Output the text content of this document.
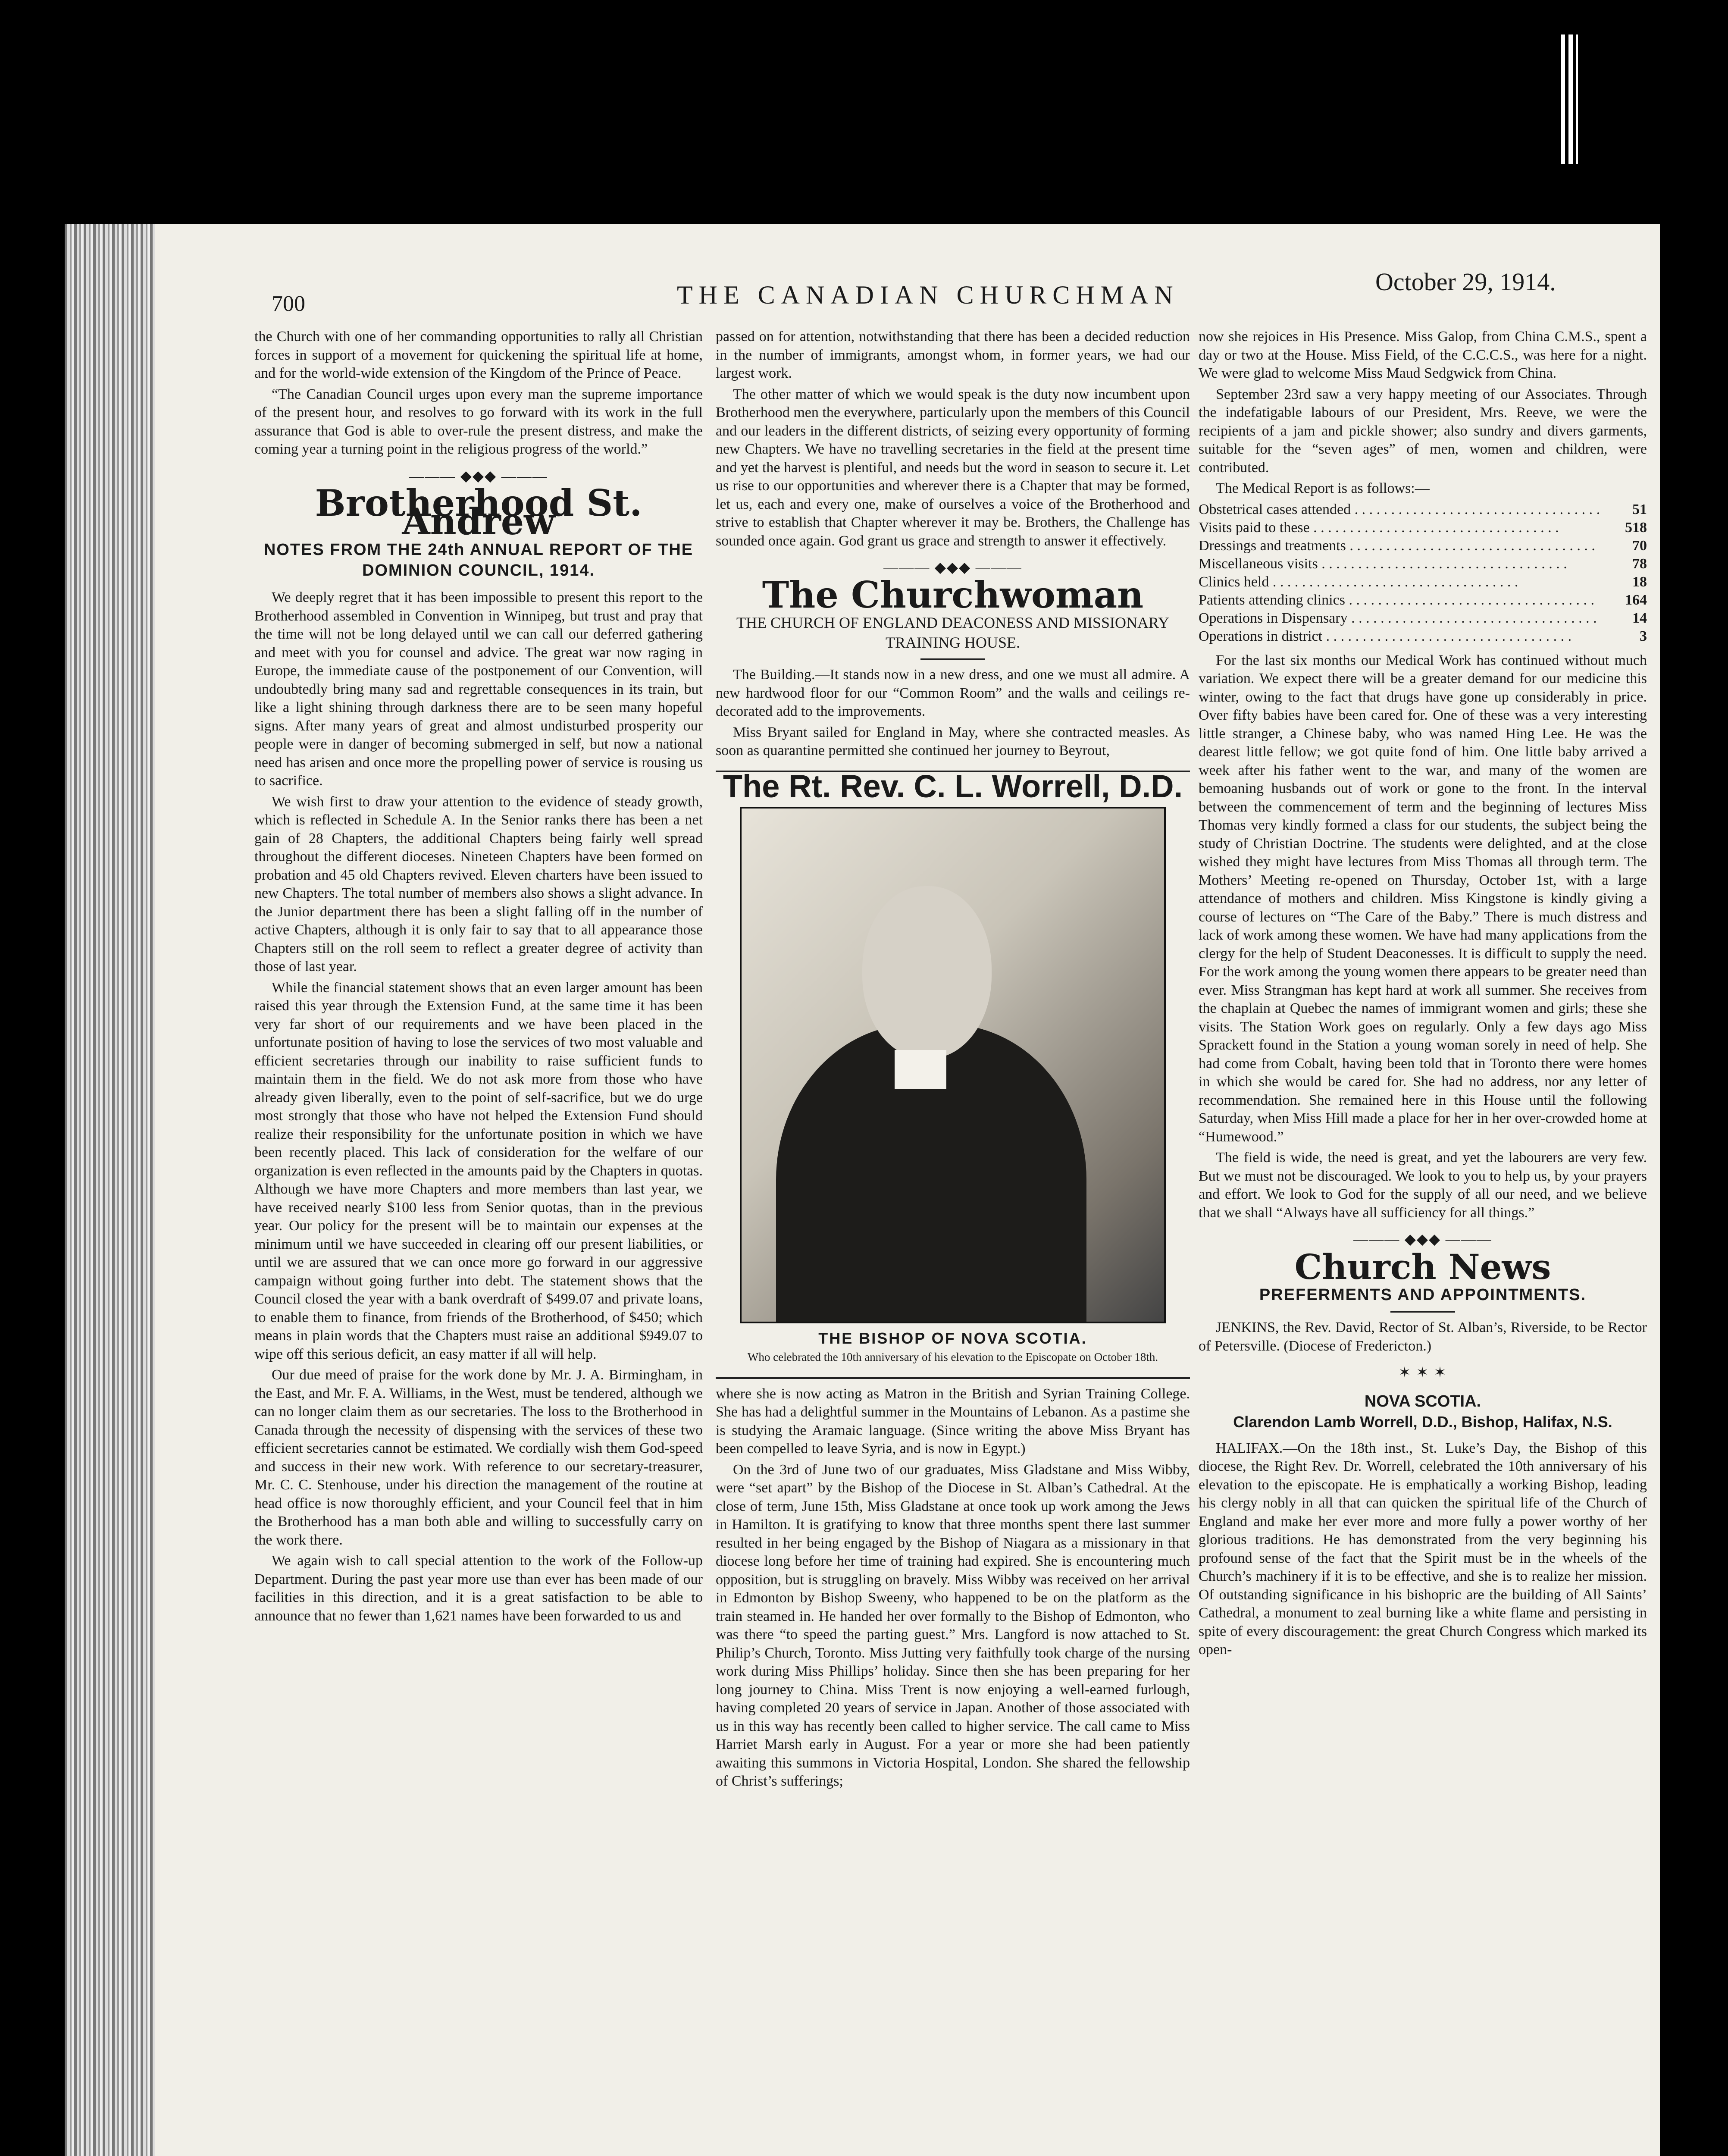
700	THE CANADIAN CHURCHMAN	October 29, 1914.

the Church with one of her commanding opportunities to rally all Christian forces in support of a movement for quickening the spiritual life at home, and for the world-wide extension of the Kingdom of the Prince of Peace.

“The Canadian Council urges upon every man the supreme importance of the present hour, and resolves to go forward with its work in the full assurance that God is able to over-rule the present distress, and make the coming year a turning point in the religious progress of the world.”

——— ◆◆◆ ———
Brotherhood St. Andrew
NOTES FROM THE 24th ANNUAL REPORT OF THE DOMINION COUNCIL, 1914.

We deeply regret that it has been impossible to present this report to the Brotherhood assembled in Convention in Winnipeg, but trust and pray that the time will not be long delayed until we can call our deferred gathering and meet with you for counsel and advice. The great war now raging in Europe, the immediate cause of the postponement of our Convention, will undoubtedly bring many sad and regrettable consequences in its train, but like a light shining through darkness there are to be seen many hopeful signs. After many years of great and almost undisturbed prosperity our people were in danger of becoming submerged in self, but now a national need has arisen and once more the propelling power of service is rousing us to sacrifice.

We wish first to draw your attention to the evidence of steady growth, which is reflected in Schedule A. In the Senior ranks there has been a net gain of 28 Chapters, the additional Chapters being fairly well spread throughout the different dioceses. Nineteen Chapters have been formed on probation and 45 old Chapters revived. Eleven charters have been issued to new Chapters. The total number of members also shows a slight advance. In the Junior department there has been a slight falling off in the number of active Chapters, although it is only fair to say that to all appearance those Chapters still on the roll seem to reflect a greater degree of activity than those of last year.

While the financial statement shows that an even larger amount has been raised this year through the Extension Fund, at the same time it has been very far short of our requirements and we have been placed in the unfortunate position of having to lose the services of two most valuable and efficient secretaries through our inability to raise sufficient funds to maintain them in the field. We do not ask more from those who have already given liberally, even to the point of self-sacrifice, but we do urge most strongly that those who have not helped the Extension Fund should realize their responsibility for the unfortunate position in which we have been recently placed. This lack of consideration for the welfare of our organization is even reflected in the amounts paid by the Chapters in quotas. Although we have more Chapters and more members than last year, we have received nearly $100 less from Senior quotas, than in the previous year. Our policy for the present will be to maintain our expenses at the minimum until we have succeeded in clearing off our present liabilities, or until we are assured that we can once more go forward in our aggressive campaign without going further into debt. The statement shows that the Council closed the year with a bank overdraft of $499.07 and private loans, to enable them to finance, from friends of the Brotherhood, of $450; which means in plain words that the Chapters must raise an additional $949.07 to wipe off this serious deficit, an easy matter if all will help.

Our due meed of praise for the work done by Mr. J. A. Birmingham, in the East, and Mr. F. A. Williams, in the West, must be tendered, although we can no longer claim them as our secretaries. The loss to the Brotherhood in Canada through the necessity of dispensing with the services of these two efficient secretaries cannot be estimated. We cordially wish them God-speed and success in their new work. With reference to our secretary-treasurer, Mr. C. C. Stenhouse, under his direction the management of the routine at head office is now thoroughly efficient, and your Council feel that in him the Brotherhood has a man both able and willing to successfully carry on the work there.

We again wish to call special attention to the work of the Follow-up Department. During the past year more use than ever has been made of our facilities in this direction, and it is a great satisfaction to be able to announce that no fewer than 1,621 names have been forwarded to us and

passed on for attention, notwithstanding that there has been a decided reduction in the number of immigrants, amongst whom, in former years, we had our largest work.

The other matter of which we would speak is the duty now incumbent upon Brotherhood men the everywhere, particularly upon the members of this Council and our leaders in the different districts, of seizing every opportunity of forming new Chapters. We have no travelling secretaries in the field at the present time and yet the harvest is plentiful, and needs but the word in season to secure it. Let us rise to our opportunities and wherever there is a Chapter that may be formed, let us, each and every one, make of ourselves a voice of the Brotherhood and strive to establish that Chapter wherever it may be. Brothers, the Challenge has sounded once again. God grant us grace and strength to answer it effectively.

——— ◆◆◆ ———
The Churchwoman
THE CHURCH OF ENGLAND DEACONESS AND MISSIONARY TRAINING HOUSE.

The Building.—It stands now in a new dress, and one we must all admire. A new hardwood floor for our “Common Room” and the walls and ceilings re-decorated add to the improvements.

Miss Bryant sailed for England in May, where she contracted measles. As soon as quarantine permitted she continued her journey to Beyrout,

The Rt. Rev. C. L. Worrell, D.D.
THE BISHOP OF NOVA SCOTIA.
Who celebrated the 10th anniversary of his elevation to the Episcopate on October 18th.

where she is now acting as Matron in the British and Syrian Training College. She has had a delightful summer in the Mountains of Lebanon. As a pastime she is studying the Aramaic language. (Since writing the above Miss Bryant has been compelled to leave Syria, and is now in Egypt.)

On the 3rd of June two of our graduates, Miss Gladstane and Miss Wibby, were “set apart” by the Bishop of the Diocese in St. Alban’s Cathedral. At the close of term, June 15th, Miss Gladstane at once took up work among the Jews in Hamilton. It is gratifying to know that three months spent there last summer resulted in her being engaged by the Bishop of Niagara as a missionary in that diocese long before her time of training had expired. She is encountering much opposition, but is struggling on bravely. Miss Wibby was received on her arrival in Edmonton by Bishop Sweeny, who happened to be on the platform as the train steamed in. He handed her over formally to the Bishop of Edmonton, who was there “to speed the parting guest.” Mrs. Langford is now attached to St. Philip’s Church, Toronto. Miss Jutting very faithfully took charge of the nursing work during Miss Phillips’ holiday. Since then she has been preparing for her long journey to China. Miss Trent is now enjoying a well-earned furlough, having completed 20 years of service in Japan. Another of those associated with us in this way has recently been called to higher service. The call came to Miss Harriet Marsh early in August. For a year or more she had been patiently awaiting this summons in Victoria Hospital, London. She shared the fellowship of Christ’s sufferings;

now she rejoices in His Presence. Miss Galop, from China C.M.S., spent a day or two at the House. Miss Field, of the C.C.C.S., was here for a night. We were glad to welcome Miss Maud Sedgwick from China.

September 23rd saw a very happy meeting of our Associates. Through the indefatigable labours of our President, Mrs. Reeve, we were the recipients of a jam and pickle shower; also sundry and divers garments, suitable for the “seven ages” of men, women and children, were contributed.

The Medical Report is as follows:—

Obstetrical cases attended . . .	51
Visits paid to these . . .	518
Dressings and treatments . . .	70
Miscellaneous visits . . .	78
Clinics held . . .	18
Patients attending clinics . . .	164
Operations in Dispensary . . .	14
Operations in district . . .	3

For the last six months our Medical Work has continued without much variation. We expect there will be a greater demand for our medicine this winter, owing to the fact that drugs have gone up considerably in price. Over fifty babies have been cared for. One of these was a very interesting little stranger, a Chinese baby, who was named Hing Lee. He was the dearest little fellow; we got quite fond of him. One little baby arrived a week after his father went to the war, and many of the women are bemoaning husbands out of work or gone to the front. In the interval between the commencement of term and the beginning of lectures Miss Thomas very kindly formed a class for our students, the subject being the study of Christian Doctrine. The students were delighted, and at the close wished they might have lectures from Miss Thomas all through term. The Mothers’ Meeting re-opened on Thursday, October 1st, with a large attendance of mothers and children. Miss Kingstone is kindly giving a course of lectures on “The Care of the Baby.” There is much distress and lack of work among these women. We have had many applications from the clergy for the help of Student Deaconesses. It is difficult to supply the need. For the work among the young women there appears to be greater need than ever. Miss Strangman has kept hard at work all summer. She receives from the chaplain at Quebec the names of immigrant women and girls; these she visits. The Station Work goes on regularly. Only a few days ago Miss Sprackett found in the Station a young woman sorely in need of help. She had come from Cobalt, having been told that in Toronto there were homes in which she would be cared for. She had no address, nor any letter of recommendation. She remained here in this House until the following Saturday, when Miss Hill made a place for her in her over-crowded home at “Humewood.”

The field is wide, the need is great, and yet the labourers are very few. But we must not be discouraged. We look to you to help us, by your prayers and effort. We look to God for the supply of all our need, and we believe that we shall “Always have all sufficiency for all things.”

——— ◆◆◆ ———
Church News
PREFERMENTS AND APPOINTMENTS.

JENKINS, the Rev. David, Rector of St. Alban’s, Riverside, to be Rector of Petersville. (Diocese of Fredericton.)

✶ ✶ ✶
NOVA SCOTIA.
Clarendon Lamb Worrell, D.D., Bishop, Halifax, N.S.

HALIFAX.—On the 18th inst., St. Luke’s Day, the Bishop of this diocese, the Right Rev. Dr. Worrell, celebrated the 10th anniversary of his elevation to the episcopate. He is emphatically a working Bishop, leading his clergy nobly in all that can quicken the spiritual life of the Church of England and make her ever more and more fully a power worthy of her glorious traditions. He has demonstrated from the very beginning his profound sense of the fact that the Spirit must be in the wheels of the Church’s machinery if it is to be effective, and she is to realize her mission. Of outstanding significance in his bishopric are the building of All Saints’ Cathedral, a monument to zeal burning like a white flame and persisting in spite of every discouragement: the great Church Congress which marked its open-
